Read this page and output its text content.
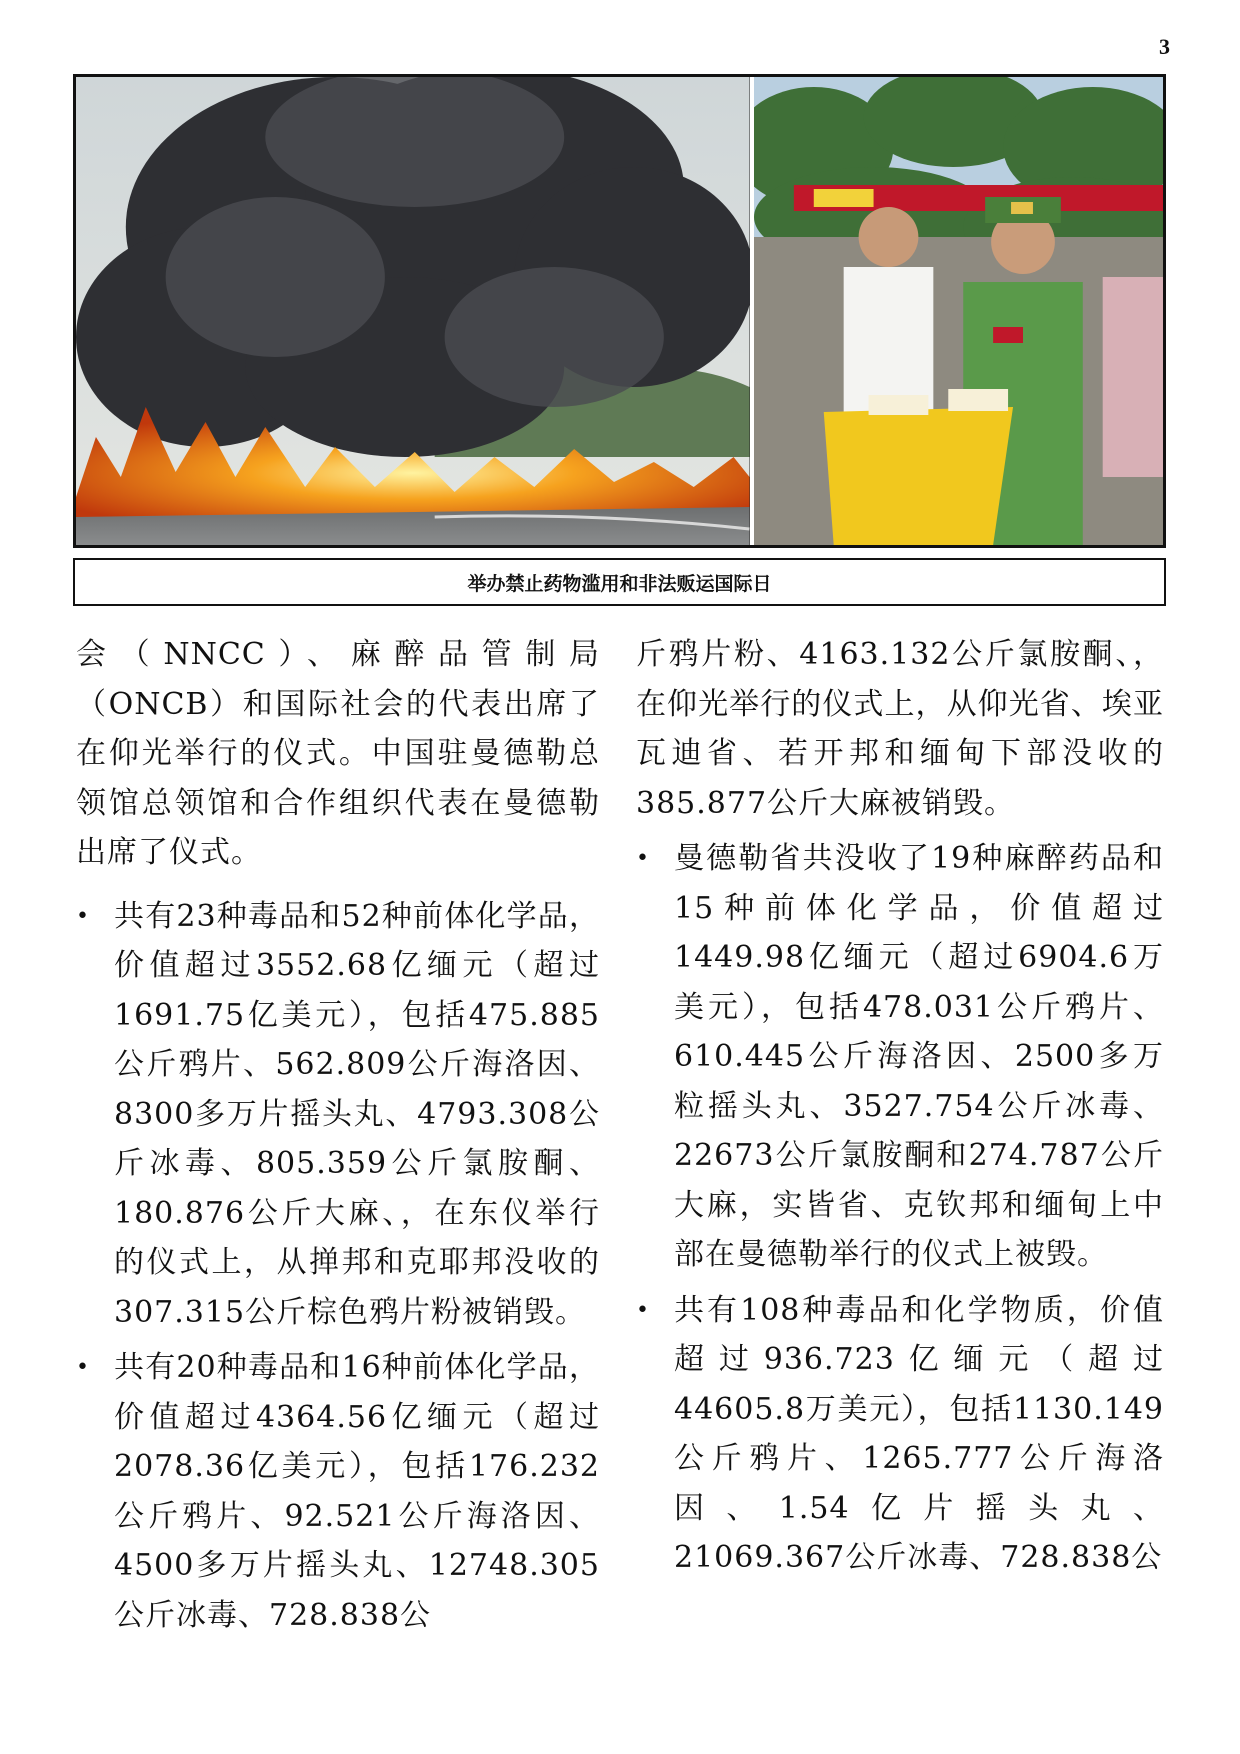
3
举办禁止药物滥用和非法贩运国际日

会（NNCC）、麻醉品管制局（ONCB）和国际社会的代表出席了在仰光举行的仪式。中国驻曼德勒总领馆总领馆和合作组织代表在曼德勒出席了仪式。

• 共有23种毒品和52种前体化学品，价值超过3552.68亿缅元（超过1691.75亿美元），包括475.885公斤鸦片、562.809公斤海洛因、8300多万片摇头丸、4793.308公斤冰毒、805.359公斤氯胺酮、180.876公斤大麻、，在东仪举行的仪式上，从掸邦和克耶邦没收的307.315公斤棕色鸦片粉被销毁。
• 共有20种毒品和16种前体化学品，价值超过4364.56亿缅元（超过2078.36亿美元），包括176.232公斤鸦片、92.521公斤海洛因、4500多万片摇头丸、12748.305公斤冰毒、728.838公

斤鸦片粉、4163.132公斤氯胺酮、，在仰光举行的仪式上，从仰光省、埃亚瓦迪省、若开邦和缅甸下部没收的385.877公斤大麻被销毁。

• 曼德勒省共没收了19种麻醉药品和15种前体化学品，价值超过1449.98亿缅元（超过6904.6万美元），包括478.031公斤鸦片、610.445公斤海洛因、2500多万粒摇头丸、3527.754公斤冰毒、22673公斤氯胺酮和274.787公斤大麻，实皆省、克钦邦和缅甸上中部在曼德勒举行的仪式上被毁。
• 共有108种毒品和化学物质，价值超过936.723亿缅元（超过44605.8万美元），包括1130.149公斤鸦片、1265.777公斤海洛因、1.54亿片摇头丸、21069.367公斤冰毒、728.838公
